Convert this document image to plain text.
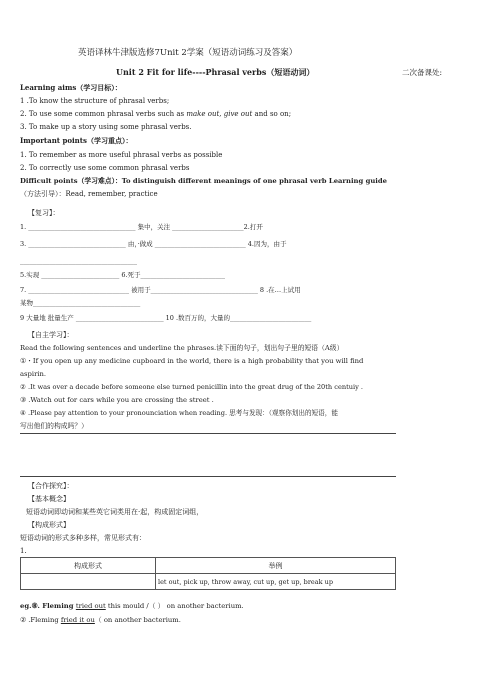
英语译林牛津版选修7Unit 2学案（短语动词练习及答案）
Unit 2 Fit for life----Phrasal verbs（短语动词）	二次备课处:
Learning aims（学习目标）：
1 .To know the structure of phrasal verbs;
2. To use some common phrasal verbs such as make out, give out and so on;
3. To make up a story using some phrasal verbs.
Important points（学习重点）：
1. To remember as more useful phrasal verbs as possible
2. To correctly use some common phrasal verbs
Difficult points（学习难点）：To distinguish different meanings of one phrasal verb Learning guide
（方法引导）：Read, remember, practice
【复习】：
1. _________________________________ 集中，关注 ______________________2.打开
3. ______________________________ 由，·做成 ____________________________ 4.因为，由于
____________________________________
5.实现 ________________________ 6.死于__________________________
7. _______________________________ 被用于_________________________________ 8 .在…上试用
某物_________________________________
9 大量地 批量生产 ___________________________ 10 .数百万的，大量的_________________________
【自主学习】：
Read the following sentences and underline the phrases.读下面的句子，划出句子里的短语（A级）
①・If you open up any medicine cupboard in the world, there is a high probability that you will find
aspirin.
② .It was over a decade before someone else turned penicillin into the great drug of the 20th centuiy .
③ .Watch out for cars while you are crossing the street .
④ .Please pay attention to your pronounciation when reading. 思考与发现：（观察你划出的短语，能
写出他们的构成吗？）
【合作探究】：
【基本概念】
短语动词即动词和某些英它词类用在·起，构成固定词组，
【构成形式】
短语动词的形式多种多样，常见形式有：
1.
构成形式	举例
	let out, pick up, throw away, cut up, get up, break up
eg.⑧. Fleming tried out this mould /（ ） on another bacterium.
② .Fleming fried it ou（ on another bacterium.
